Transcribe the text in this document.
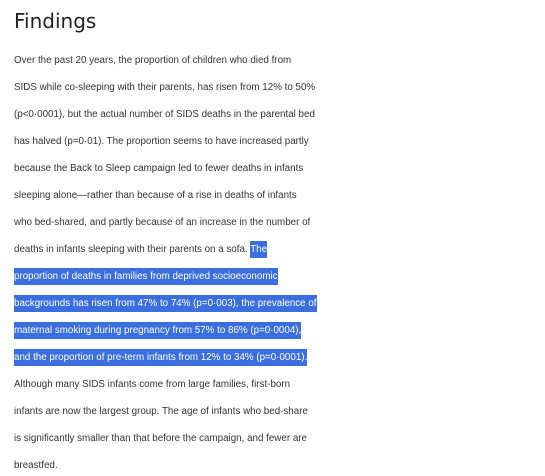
Findings
Over the past 20 years, the proportion of children who died from
SIDS while co-sleeping with their parents, has risen from 12% to 50%
(p<0·0001), but the actual number of SIDS deaths in the parental bed
has halved (p=0·01). The proportion seems to have increased partly
because the Back to Sleep campaign led to fewer deaths in infants
sleeping alone—rather than because of a rise in deaths of infants
who bed-shared, and partly because of an increase in the number of
deaths in infants sleeping with their parents on a sofa. The
proportion of deaths in families from deprived socioeconomic
backgrounds has risen from 47% to 74% (p=0·003), the prevalence of
maternal smoking during pregnancy from 57% to 86% (p=0·0004),
and the proportion of pre-term infants from 12% to 34% (p=0·0001).
Although many SIDS infants come from large families, first-born
infants are now the largest group. The age of infants who bed-share
is significantly smaller than that before the campaign, and fewer are
breastfed.
